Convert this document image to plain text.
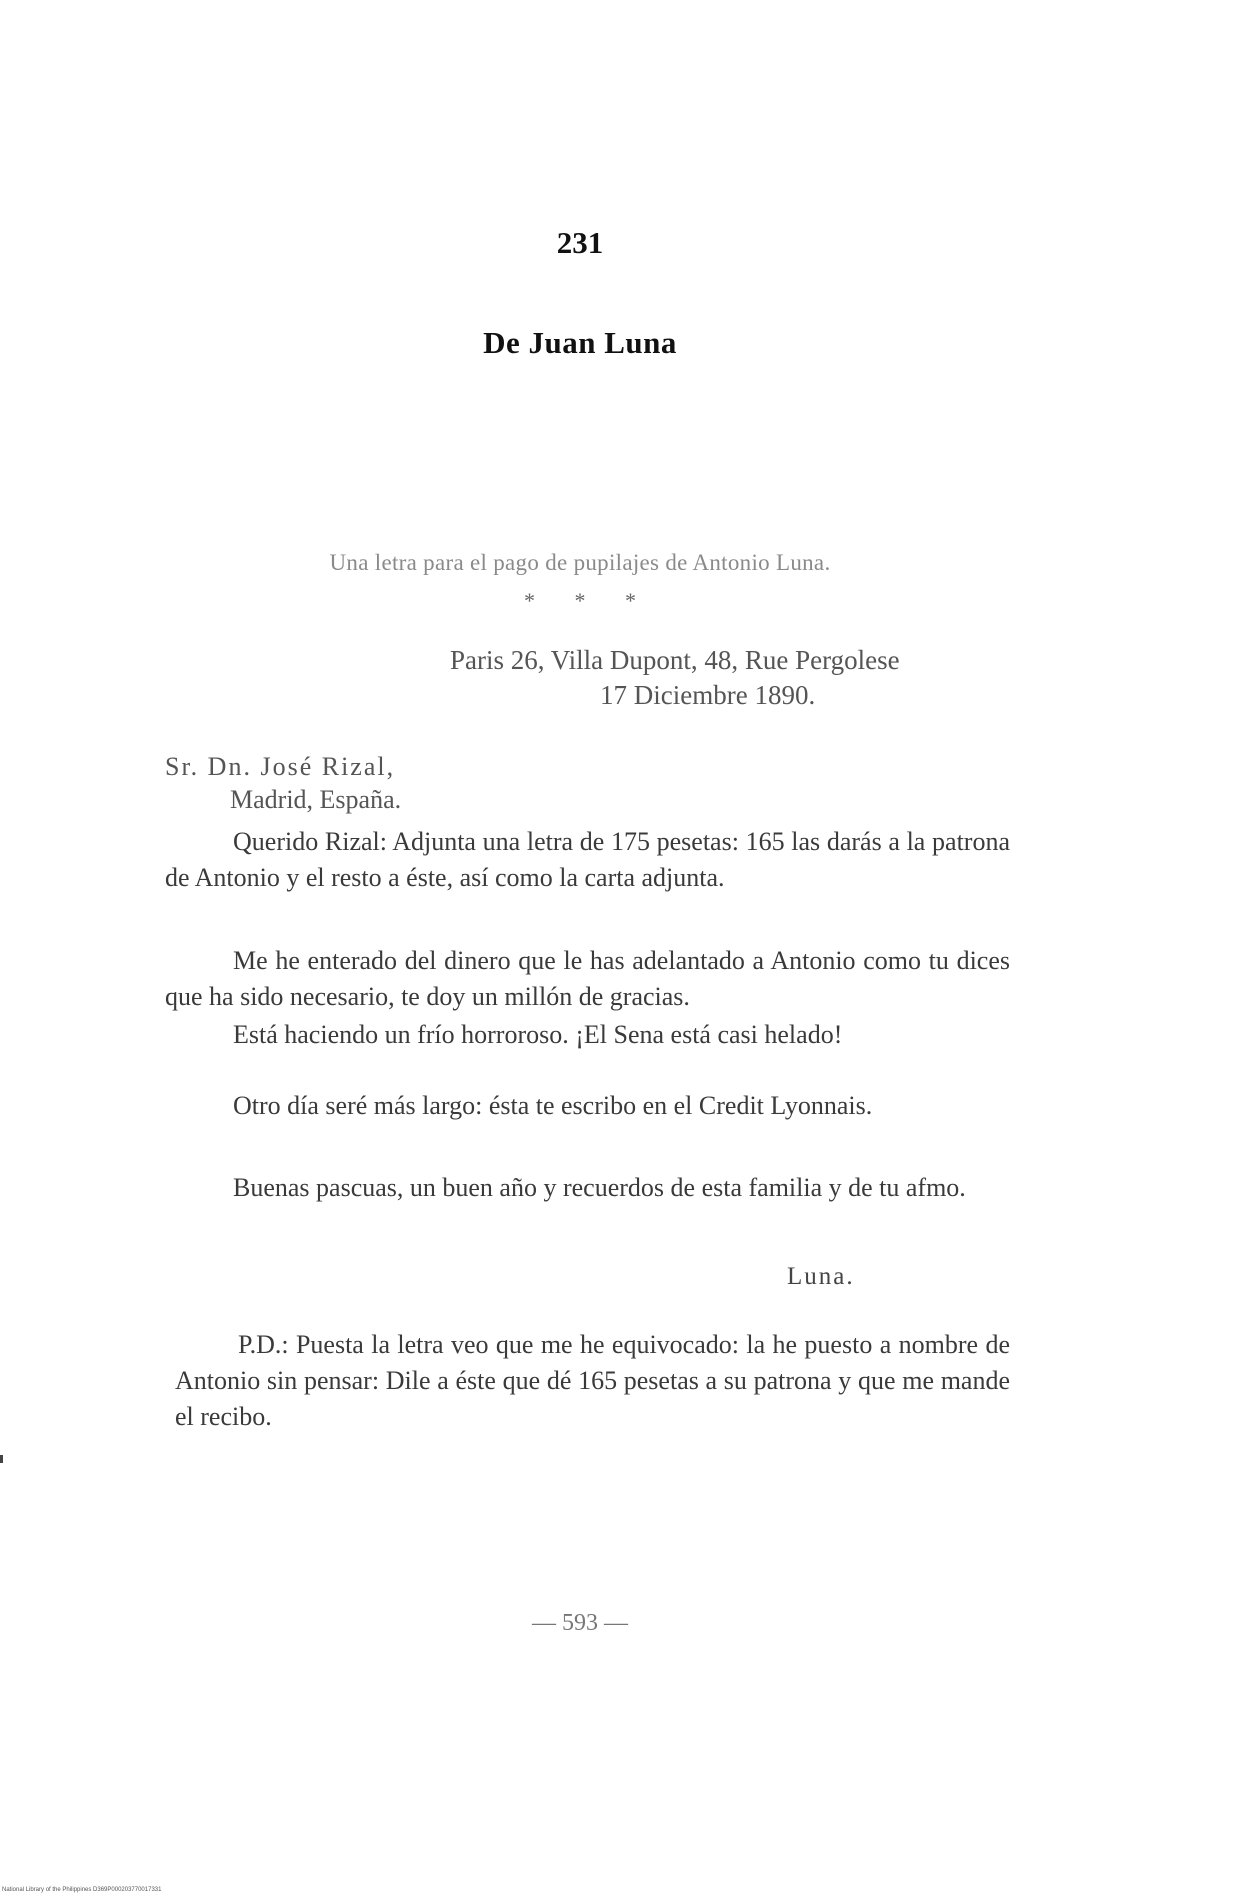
231
De Juan Luna
Una letra para el pago de pupilajes de Antonio Luna.
* * *
Paris 26, Villa Dupont, 48, Rue Pergolese
17 Diciembre 1890.
Sr. Dn. José Rizal,
Madrid, España.
Querido Rizal: Adjunta una letra de 175 pesetas: 165 las darás a la patrona de Antonio y el resto a éste, así como la carta adjunta.
Me he enterado del dinero que le has adelantado a Antonio como tu dices que ha sido necesario, te doy un millón de gracias.
Está haciendo un frío horroroso. ¡El Sena está casi helado!
Otro día seré más largo: ésta te escribo en el Credit Lyonnais.
Buenas pascuas, un buen año y recuerdos de esta familia y de tu afmo.
Luna.
P.D.: Puesta la letra veo que me he equivocado: la he puesto a nombre de Antonio sin pensar: Dile a éste que dé 165 pesetas a su patrona y que me mande el recibo.
— 593 —
National Library of the Philippines D369P000203770017331
